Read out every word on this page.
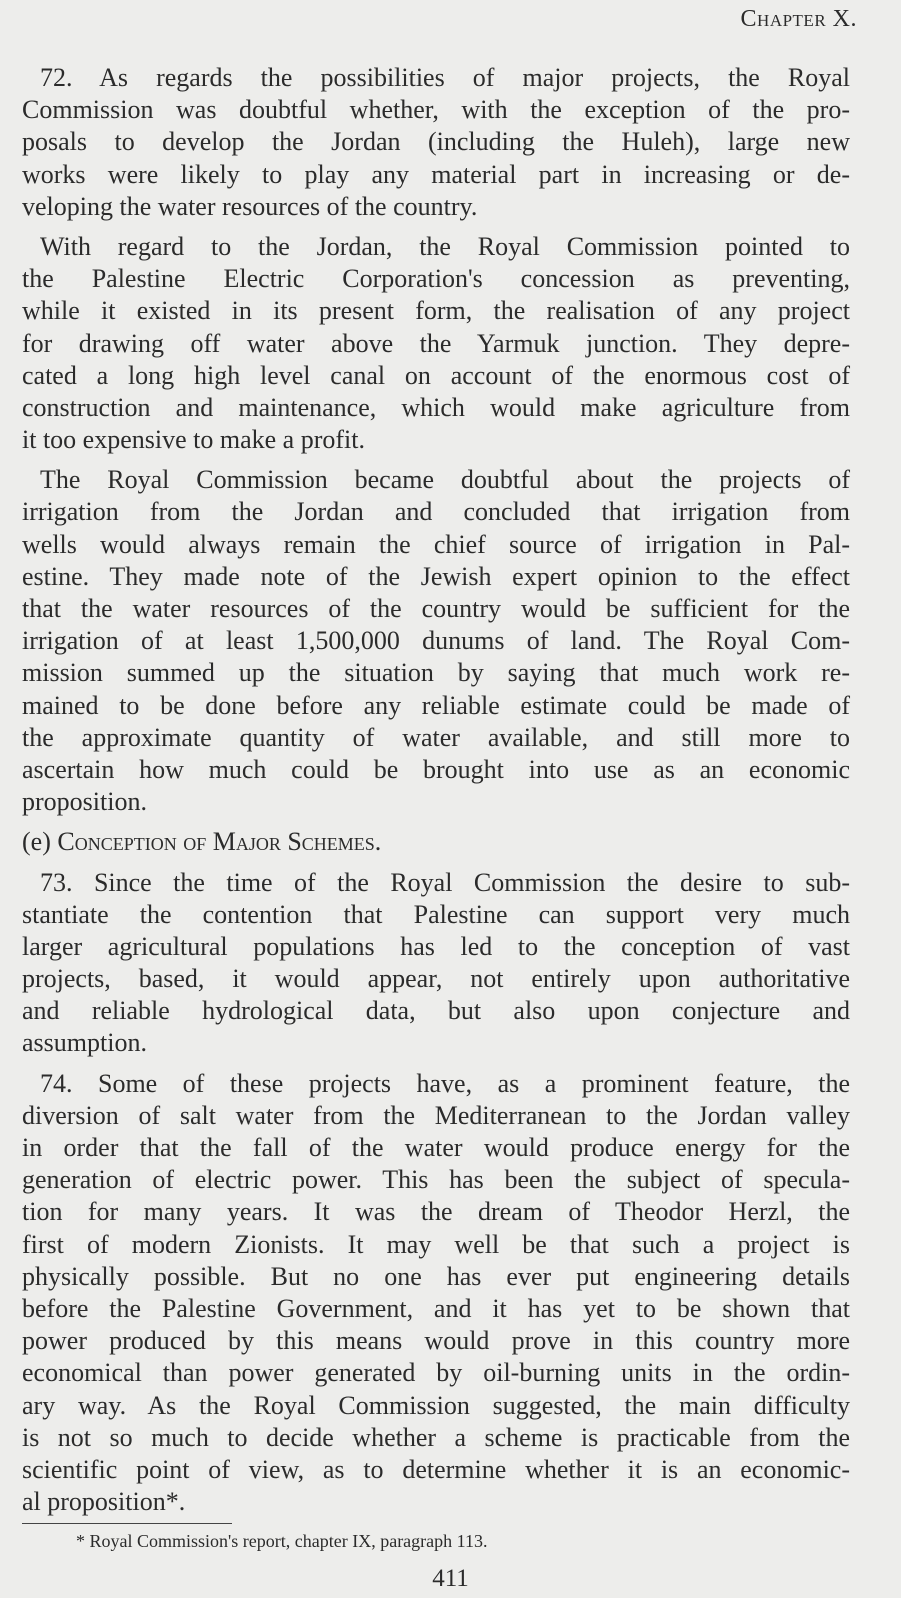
Chapter X.
72. As regards the possibilities of major projects, the Royal
Commission was doubtful whether, with the exception of the pro-
posals to develop the Jordan (including the Huleh), large new
works were likely to play any material part in increasing or de-
veloping the water resources of the country.
With regard to the Jordan, the Royal Commission pointed to
the Palestine Electric Corporation's concession as preventing,
while it existed in its present form, the realisation of any project
for drawing off water above the Yarmuk junction. They depre-
cated a long high level canal on account of the enormous cost of
construction and maintenance, which would make agriculture from
it too expensive to make a profit.
The Royal Commission became doubtful about the projects of
irrigation from the Jordan and concluded that irrigation from
wells would always remain the chief source of irrigation in Pal-
estine. They made note of the Jewish expert opinion to the effect
that the water resources of the country would be sufficient for the
irrigation of at least 1,500,000 dunums of land. The Royal Com-
mission summed up the situation by saying that much work re-
mained to be done before any reliable estimate could be made of
the approximate quantity of water available, and still more to
ascertain how much could be brought into use as an economic
proposition.
(e) Conception of Major Schemes.
73. Since the time of the Royal Commission the desire to sub-
stantiate the contention that Palestine can support very much
larger agricultural populations has led to the conception of vast
projects, based, it would appear, not entirely upon authoritative
and reliable hydrological data, but also upon conjecture and
assumption.
74. Some of these projects have, as a prominent feature, the
diversion of salt water from the Mediterranean to the Jordan valley
in order that the fall of the water would produce energy for the
generation of electric power. This has been the subject of specula-
tion for many years. It was the dream of Theodor Herzl, the
first of modern Zionists. It may well be that such a project is
physically possible. But no one has ever put engineering details
before the Palestine Government, and it has yet to be shown that
power produced by this means would prove in this country more
economical than power generated by oil-burning units in the ordin-
ary way. As the Royal Commission suggested, the main difficulty
is not so much to decide whether a scheme is practicable from the
scientific point of view, as to determine whether it is an economic-
al proposition*.
* Royal Commission's report, chapter IX, paragraph 113.
411
